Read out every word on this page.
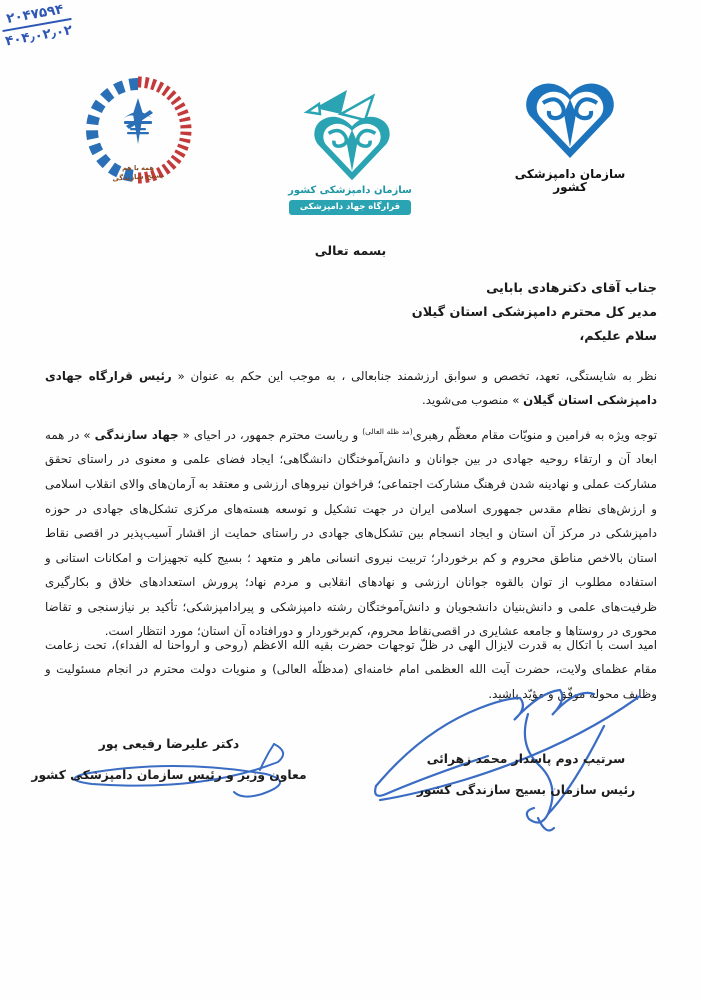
۲۰۴۷۵۹۴
۴۰۴٫۰۲٫۰۲
همه با هم
بسیج سازندگی
سازمان دامپزشکی کشور
قرارگاه جهاد دامپزشکی
سازمان دامپزشکی کشور
بسمه تعالی
جناب آقای دکترهادی بابایی
مدیر کل محترم دامپزشکی استان گیلان
سلام علیکم،

نظر به شایستگی، تعهد، تخصص و سوابق ارزشمند جنابعالی ، به موجب این حکم به عنوان « رئیس قرارگاه جهادی دامپزشکی استان گیلان » منصوب می‌شوید.

توجه ویژه به فرامین و منویّات مقام معظّم رهبری$^{(مد ظله العالی)}$ و ریاست محترم جمهور، در احیای « جهاد سازندگی » در همه ابعاد آن و ارتقاء روحیه جهادی در بین جوانان و دانش‌آموختگان دانشگاهی؛ ایجاد فضای علمی و معنوی در راستای تحقق مشارکت عملی و نهادینه شدن فرهنگ مشارکت اجتماعی؛ فراخوان نیروهای ارزشی و معتقد به آرمان‌های والای انقلاب اسلامی و ارزش‌های نظام مقدس جمهوری اسلامی ایران در جهت تشکیل و توسعه هسته‌های مرکزی تشکل‌های جهادی در حوزه دامپزشکی در مرکز آن استان و ایجاد انسجام بین تشکل‌های جهادی در راستای حمایت از اقشار آسیب‌پذیر در اقصی نقاط استان بالاخص مناطق محروم و کم برخوردار؛ تربیت نیروی انسانی ماهر و متعهد ؛ بسیج کلیه تجهیزات و امکانات استانی و استفاده مطلوب از توان بالقوه جوانان ارزشی و نهادهای انقلابی و مردم نهاد؛ پرورش استعدادهای خلاق و بکارگیری ظرفیت‌های علمی و دانش‌بنیان دانشجویان و دانش‌آموختگان رشته دامپزشکی و پیرادامپزشکی؛ تأکید بر نیازسنجی و تقاضا محوری در روستاها و جامعه عشایری در اقصی‌نقاط محروم، کم‌برخوردار و دورافتاده آن استان؛ مورد انتظار است.

امید است با اتکال به قدرت لایزال الهی در ظلّ توجهات حضرت بقیه الله الاعظم (روحی و ارواحنا له الفداء)، تحت زعامت مقام عظمای ولایت، حضرت آیت الله العظمی امام خامنه‌ای (مدظلّه العالی) و منویات دولت محترم در انجام مسئولیت و وظایف محوله موفّق و مؤیّد باشید.

سرتیپ دوم پاسدار محمد زهرائی
رئیس سازمان بسیج سازندگی کشور
دکتر علیرضا رفیعی پور
معاون وزیر و رئیس سازمان دامپزشکی کشور
